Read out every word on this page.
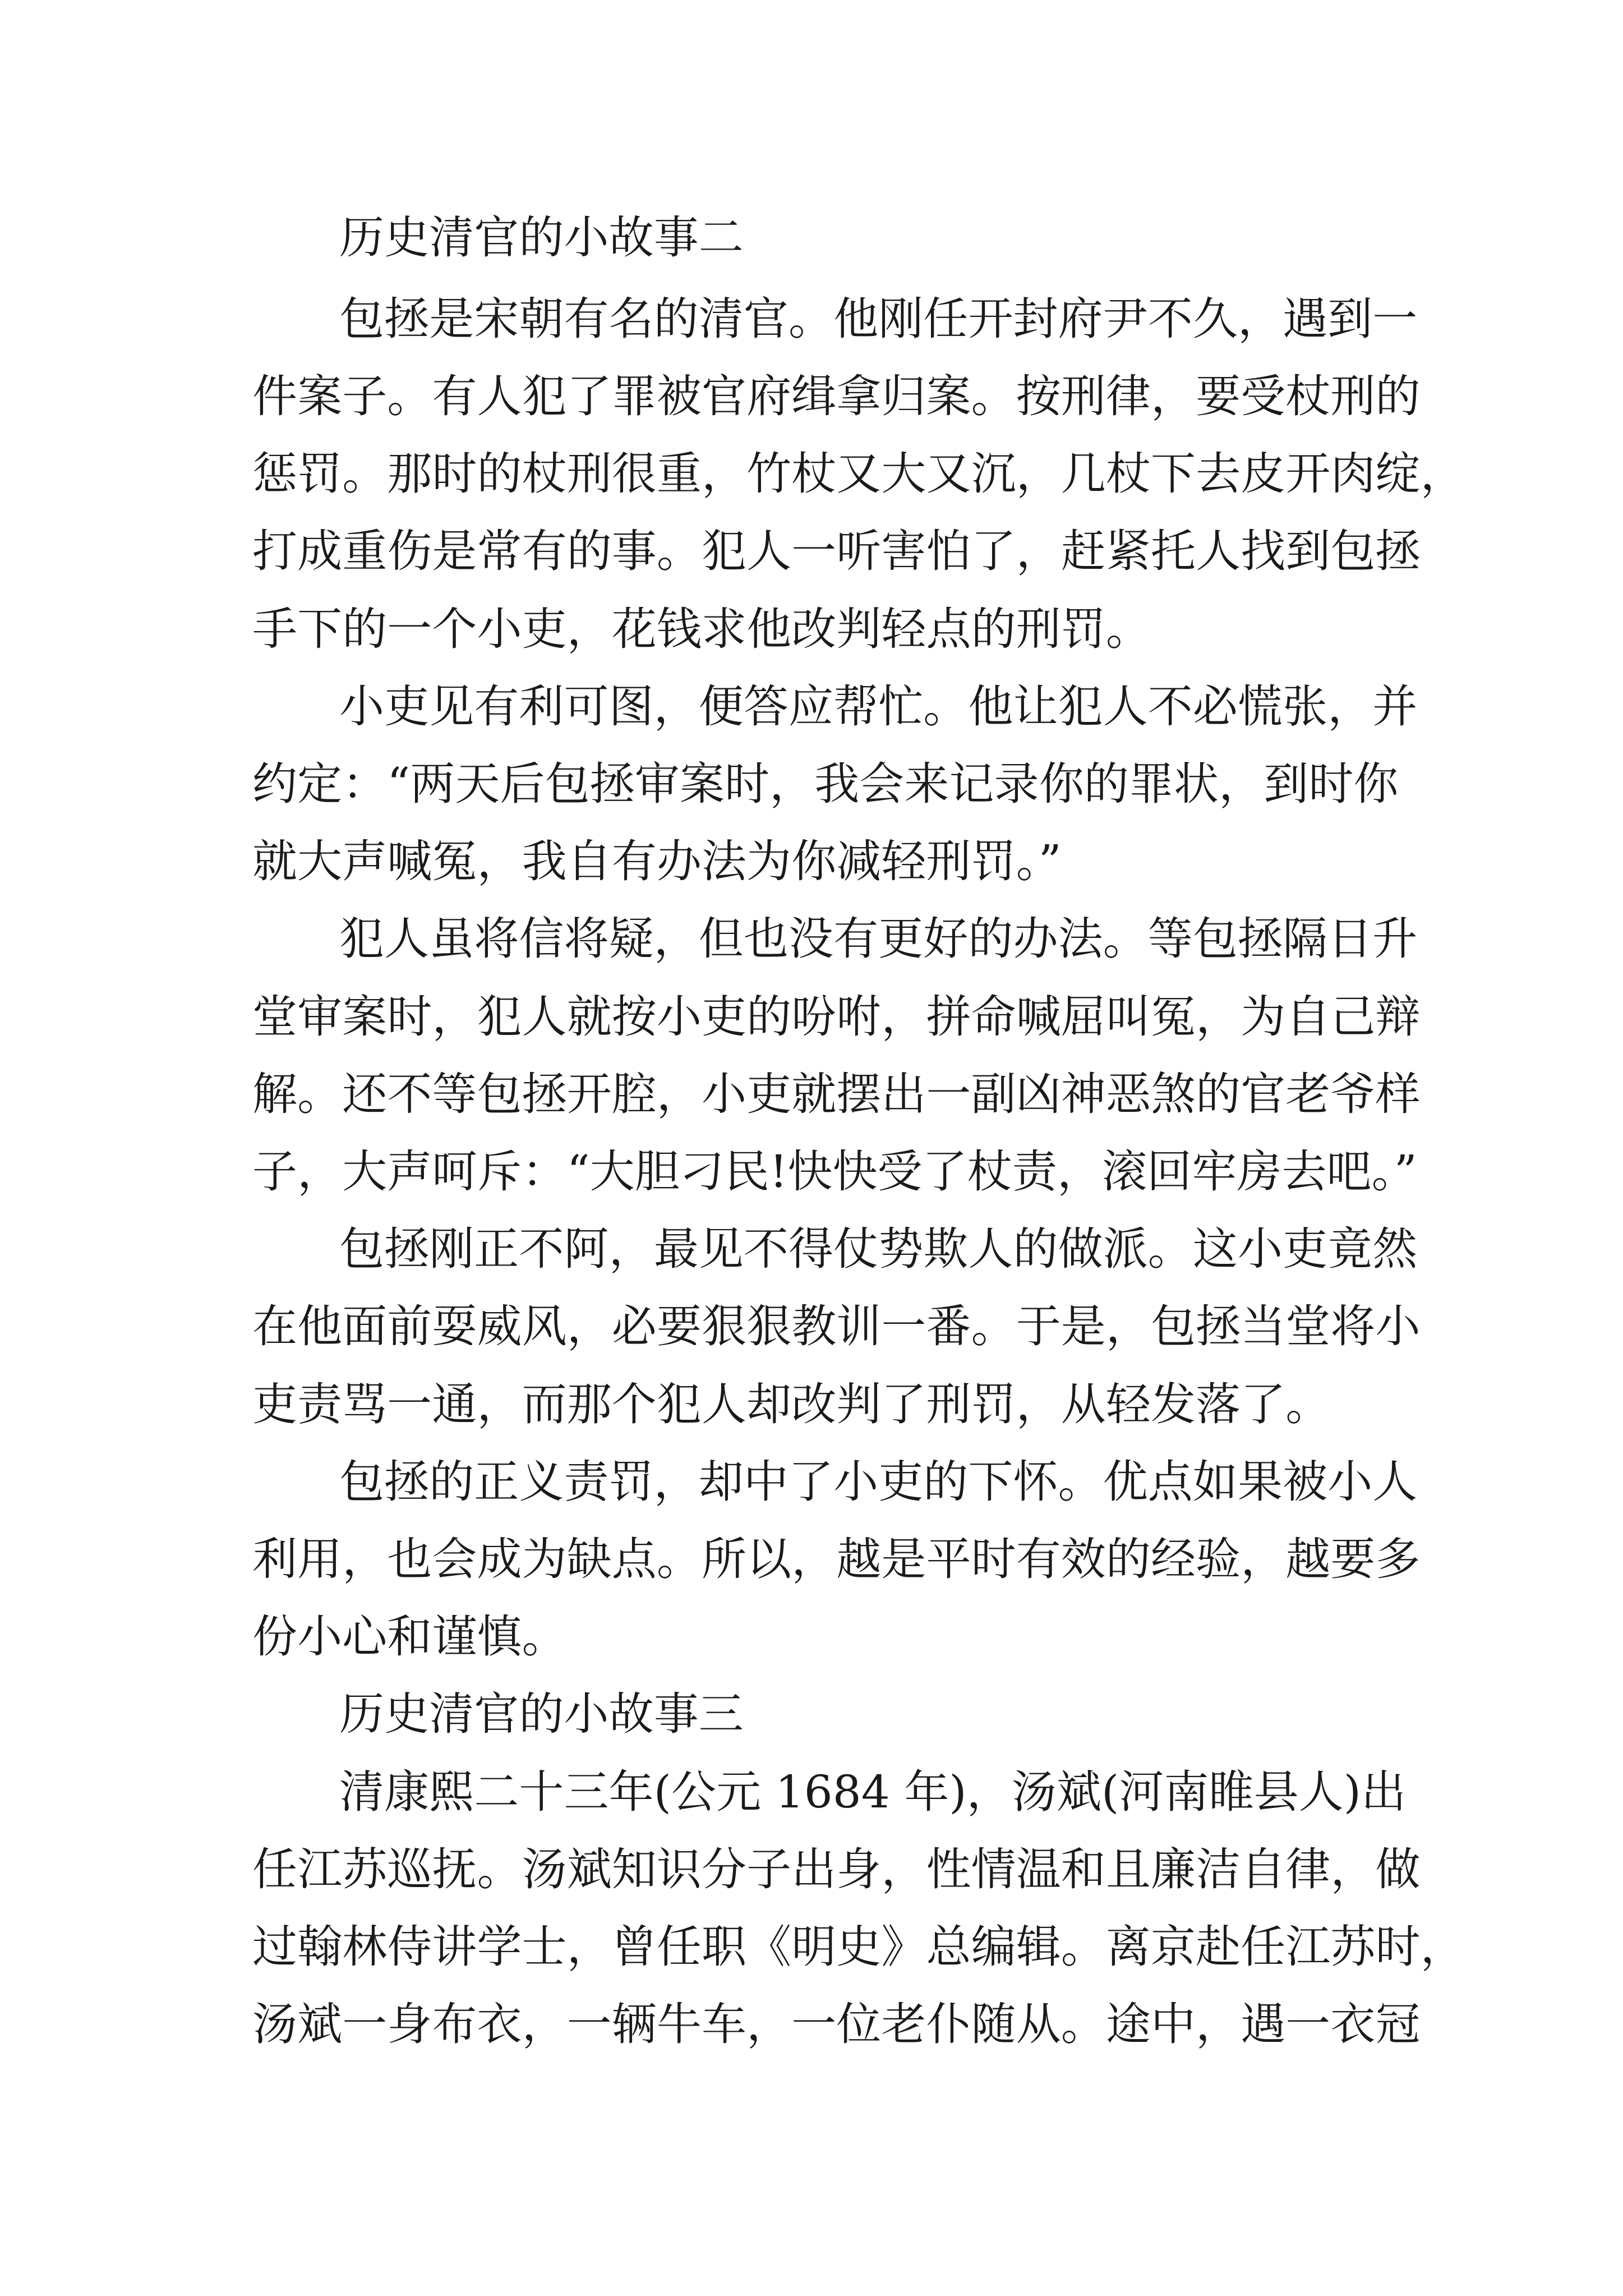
历史清官的小故事二
包拯是宋朝有名的清官。他刚任开封府尹不久，遇到一
件案子。有人犯了罪被官府缉拿归案。按刑律，要受杖刑的
惩罚。那时的杖刑很重，竹杖又大又沉，几杖下去皮开肉绽，
打成重伤是常有的事。犯人一听害怕了，赶紧托人找到包拯
手下的一个小吏，花钱求他改判轻点的刑罚。
小吏见有利可图，便答应帮忙。他让犯人不必慌张，并
约定：“两天后包拯审案时，我会来记录你的罪状，到时你
就大声喊冤，我自有办法为你减轻刑罚。”
犯人虽将信将疑，但也没有更好的办法。等包拯隔日升
堂审案时，犯人就按小吏的吩咐，拼命喊屈叫冤，为自己辩
解。还不等包拯开腔，小吏就摆出一副凶神恶煞的官老爷样
子，大声呵斥：“大胆刁民!快快受了杖责，滚回牢房去吧。”
包拯刚正不阿，最见不得仗势欺人的做派。这小吏竟然
在他面前耍威风，必要狠狠教训一番。于是，包拯当堂将小
吏责骂一通，而那个犯人却改判了刑罚，从轻发落了。
包拯的正义责罚，却中了小吏的下怀。优点如果被小人
利用，也会成为缺点。所以，越是平时有效的经验，越要多
份小心和谨慎。
历史清官的小故事三
清康熙二十三年(公元 1684 年)，汤斌(河南睢县人)出
任江苏巡抚。汤斌知识分子出身，性情温和且廉洁自律，做
过翰林侍讲学士，曾任职《明史》总编辑。离京赴任江苏时，
汤斌一身布衣，一辆牛车，一位老仆随从。途中，遇一衣冠
